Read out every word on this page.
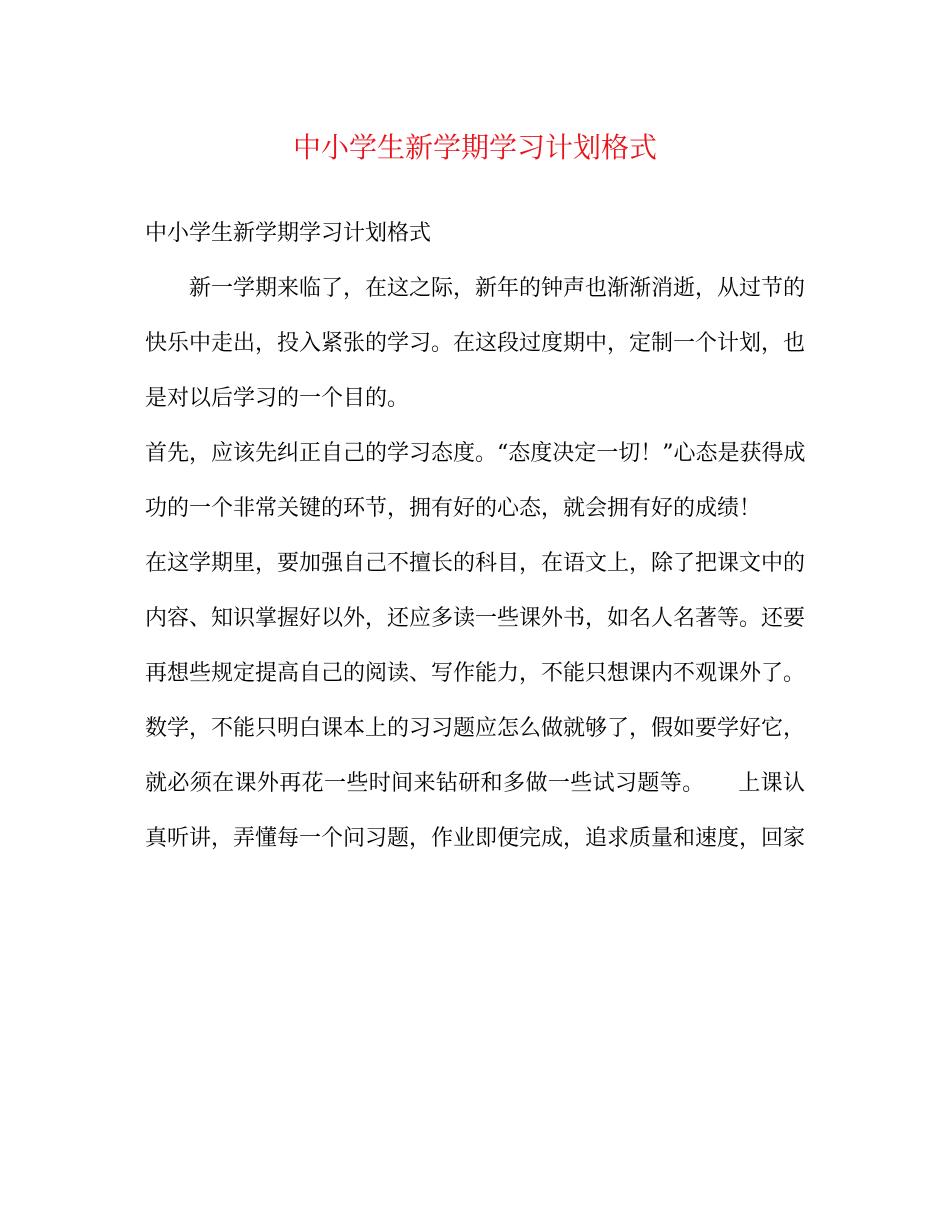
中小学生新学期学习计划格式
中小学生新学期学习计划格式
新一学期来临了，在这之际，新年的钟声也渐渐消逝，从过节的
快乐中走出，投入紧张的学习。在这段过度期中，定制一个计划，也
是对以后学习的一个目的。
首先，应该先纠正自己的学习态度。“态度决定一切！”心态是获得成
功的一个非常关键的环节，拥有好的心态，就会拥有好的成绩！
在这学期里，要加强自己不擅长的科目，在语文上，除了把课文中的
内容、知识掌握好以外，还应多读一些课外书，如名人名著等。还要
再想些规定提高自己的阅读、写作能力，不能只想课内不观课外了。
数学，不能只明白课本上的习习题应怎么做就够了，假如要学好它，
就必须在课外再花一些时间来钻研和多做一些试习题等。　　上课认
真听讲，弄懂每一个问习题，作业即便完成，追求质量和速度，回家
